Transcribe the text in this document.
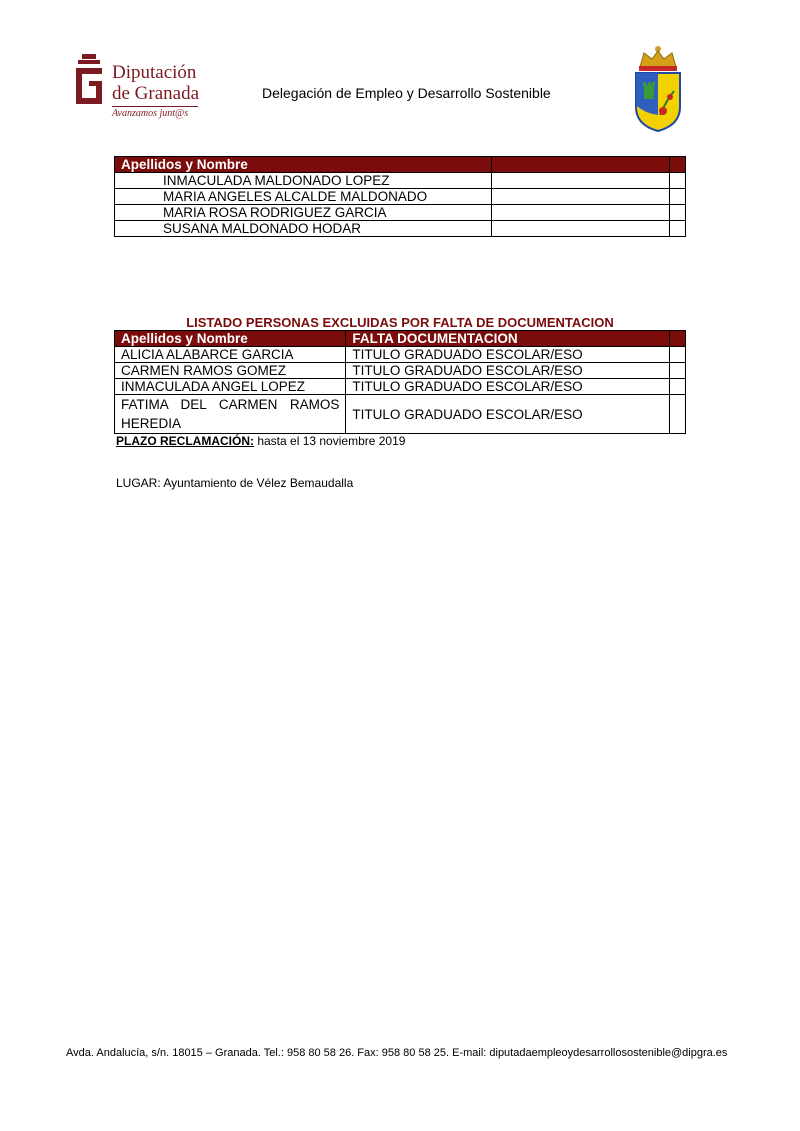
Diputación
de Granada
Avanzamos junt@s
Delegación de Empleo y Desarrollo Sostenible
Apellidos y Nombre		
INMACULADA MALDONADO LOPEZ		
MARIA ANGELES ALCALDE MALDONADO		
MARIA ROSA RODRIGUEZ GARCIA		
SUSANA MALDONADO HODAR		
LISTADO PERSONAS EXCLUIDAS POR FALTA DE DOCUMENTACION
Apellidos y Nombre	FALTA DOCUMENTACION	
ALICIA ALABARCE GARCIA	TITULO GRADUADO ESCOLAR/ESO	
CARMEN RAMOS GOMEZ	TITULO GRADUADO ESCOLAR/ESO	
INMACULADA ANGEL LOPEZ	TITULO GRADUADO ESCOLAR/ESO	
FATIMA DEL CARMEN RAMOS HEREDIA	TITULO GRADUADO ESCOLAR/ESO	
PLAZO RECLAMACIÓN: hasta el 13 noviembre 2019
LUGAR: Ayuntamiento de Vélez Bemaudalla
Avda. Andalucía, s/n. 18015 – Granada. Tel.: 958 80 58 26. Fax: 958 80 58 25. E-mail: diputadaempleoydesarrollosostenible@dipgra.es
